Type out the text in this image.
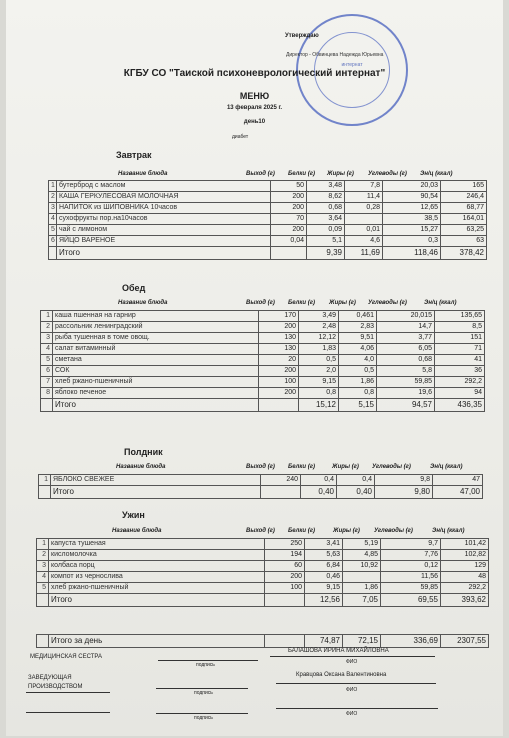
интернат
Утверждаю
Директор - Обвинцева Надежда Юрьевна
КГБУ СО "Таиской психоневрологический интернат"
МЕНЮ
13 февраля 2025 г.
день10
диабет
Завтрак
Название блюда	Выход (г) Белки (г) Жиры (г) Углеводы (г) Эн/ц (ккал)
1	бутерброд с маслом	50	3,48	7,8	20,03	165
2	КАША ГЕРКУЛЕСОВАЯ МОЛОЧНАЯ	200	8,62	11,4	90,54	246,4
3	НАПИТОК из ШИПОВНИКА 10часов	200	0,68	0,28	12,65	68,77
4	сухофрукты пор.на10часов	70	3,64		38,5	164,01
5	чай с лимоном	200	0,09	0,01	15,27	63,25
6	ЯЙЦО ВАРЕНОЕ	0,04	5,1	4,6	0,3	63
	Итого		9,39	11,69	118,46	378,42
Обед
Название блюда	Выход (г) Белки (г) Жиры (г) Углеводы (г)	Эн/ц (ккал)
1	каша пшенная на гарнир	170	3,49	0,461	20,015	135,65
2	рассольник ленинградский	200	2,48	2,83	14,7	8,5
3	рыба тушенная в томе овощ.	130	12,12	9,51	3,77	151
4	салат витаминный	130	1,83	4,06	6,05	71
5	сметана	20	0,5	4,0	0,68	41
6	СОК	200	2,0	0,5	5,8	36
7	хлеб ржано-пшеничный	100	9,15	1,86	59,85	292,2
8	яблоко печеное	200	0,8	0,8	19,6	94
	Итого		15,12	5,15	94,57	436,35
Полдник
Название блюда	Выход (г) Белки (г)	Жиры (г) Углеводы (г)	Эн/ц (ккал)
1	ЯБЛОКО СВЕЖЕЕ	240	0,4	0,4	9,8	47
	Итого		0,40	0,40	9,80	47,00
Ужин
Название блюда	Выход (г) Белки (г)	Жиры (г) Углеводы (г)	Эн/ц (ккал)
1	капуста тушеная	250	3,41	5,19	9,7	101,42
2	кисломолочка	194	5,63	4,85	7,76	102,82
3	колбаса порц	60	6,84	10,92	0,12	129
4	компот из чернослива	200	0,46		11,56	48
5	хлеб ржано-пшеничный	100	9,15	1,86	59,85	292,2
	Итого		12,56	7,05	69,55	393,62
	Итого за день		74,87	72,15	336,69	2307,55
МЕДИЦИНСКАЯ СЕСТРА
БАЛАШОВА ИРИНА МИХАЙЛОВНА
подпись	ФИО
ЗАВЕДУЮЩАЯ
ПРОИЗВОДСТВОМ
Кравцова Оксана Валентиновна
подпись	ФИО
подпись
ФИО
